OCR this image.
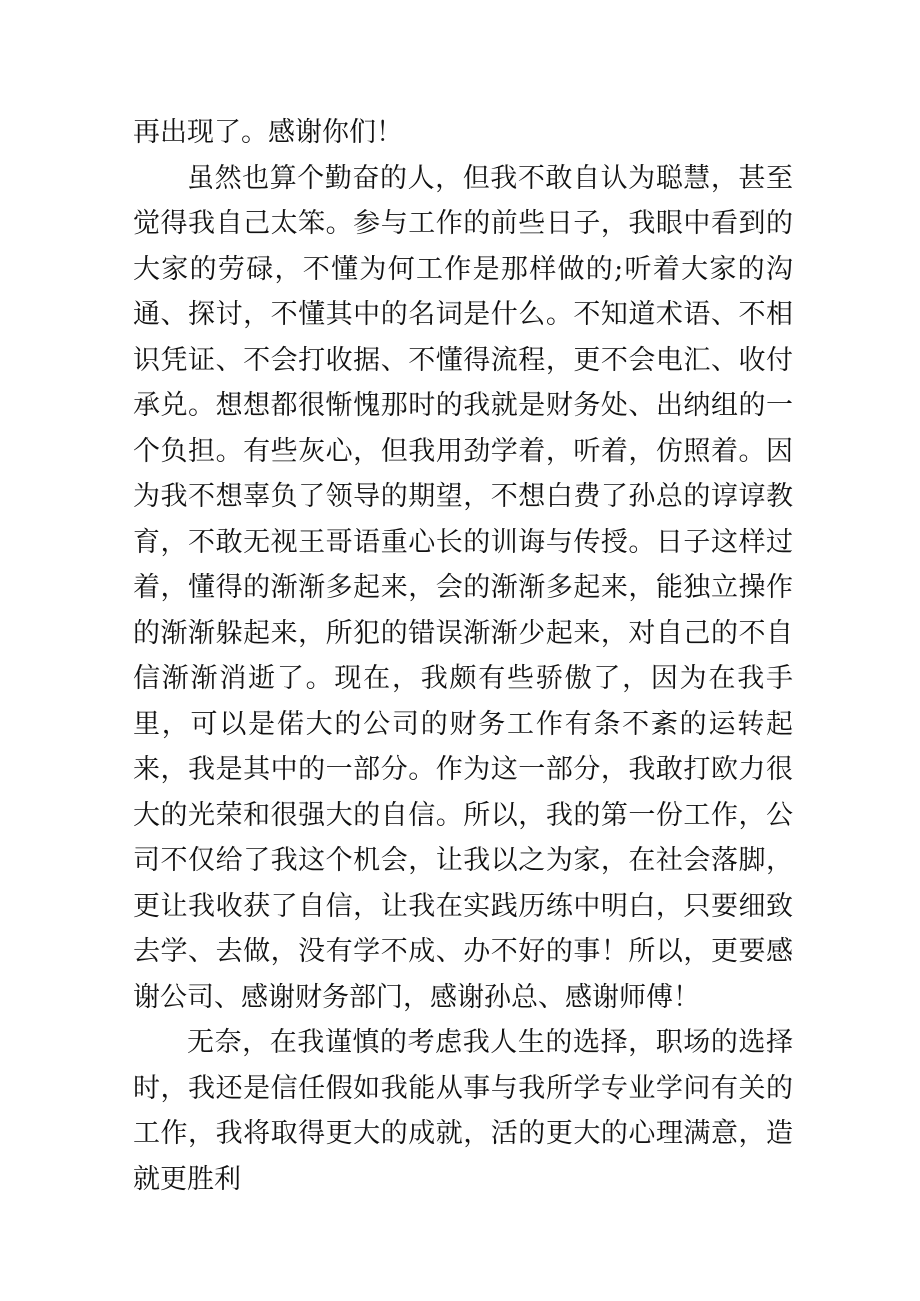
再出现了。感谢你们！

虽然也算个勤奋的人，但我不敢自认为聪慧，甚至觉得我自己太笨。参与工作的前些日子，我眼中看到的大家的劳碌，不懂为何工作是那样做的;听着大家的沟通、探讨，不懂其中的名词是什么。不知道术语、不相识凭证、不会打收据、不懂得流程，更不会电汇、收付承兑。想想都很惭愧那时的我就是财务处、出纳组的一个负担。有些灰心，但我用劲学着，听着，仿照着。因为我不想辜负了领导的期望，不想白费了孙总的谆谆教育，不敢无视王哥语重心长的训诲与传授。日子这样过着，懂得的渐渐多起来，会的渐渐多起来，能独立操作的渐渐躲起来，所犯的错误渐渐少起来，对自己的不自信渐渐消逝了。现在，我颇有些骄傲了，因为在我手里，可以是偌大的公司的财务工作有条不紊的运转起来，我是其中的一部分。作为这一部分，我敢打欧力很大的光荣和很强大的自信。所以，我的第一份工作，公司不仅给了我这个机会，让我以之为家，在社会落脚，更让我收获了自信，让我在实践历练中明白，只要细致去学、去做，没有学不成、办不好的事！所以，更要感谢公司、感谢财务部门，感谢孙总、感谢师傅！

无奈，在我谨慎的考虑我人生的选择，职场的选择时，我还是信任假如我能从事与我所学专业学问有关的工作，我将取得更大的成就，活的更大的心理满意，造就更胜利
